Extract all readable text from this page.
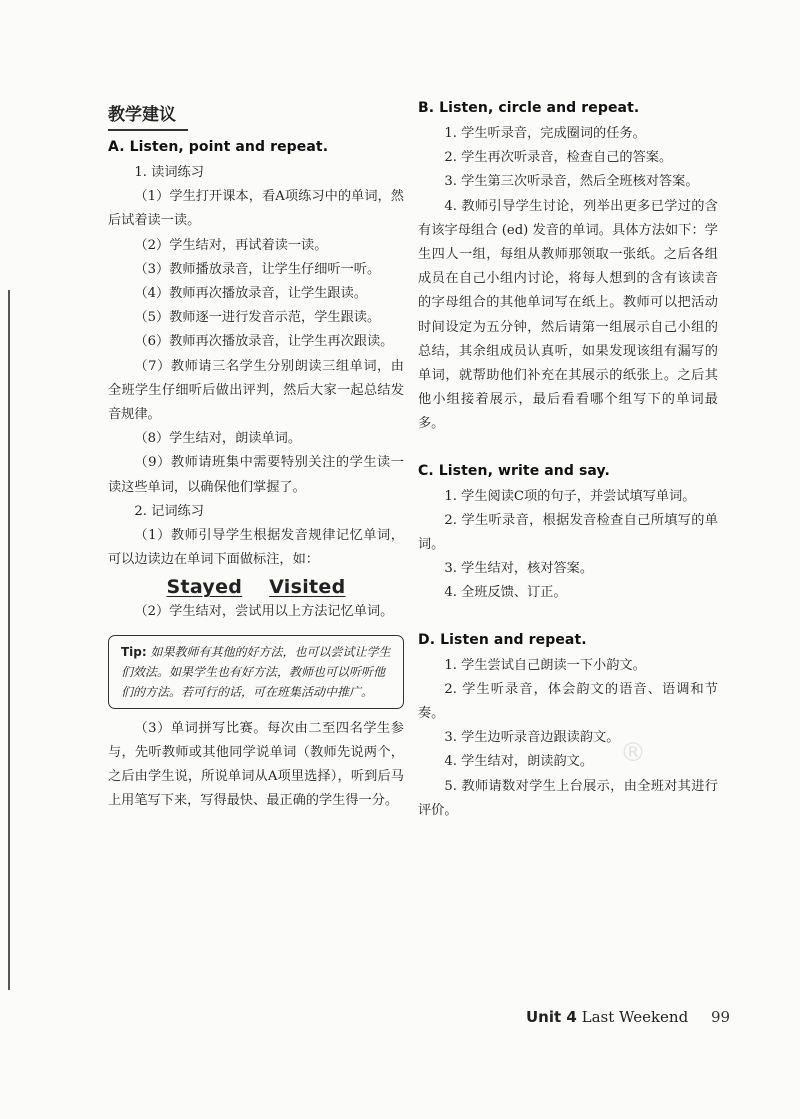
教学建议
A. Listen, point and repeat.

1. 读词练习

（1）学生打开课本，看A项练习中的单词，然后试着读一读。

（2）学生结对，再试着读一读。

（3）教师播放录音，让学生仔细听一听。

（4）教师再次播放录音，让学生跟读。

（5）教师逐一进行发音示范，学生跟读。

（6）教师再次播放录音，让学生再次跟读。

（7）教师请三名学生分别朗读三组单词，由全班学生仔细听后做出评判，然后大家一起总结发音规律。

（8）学生结对，朗读单词。

（9）教师请班集中需要特别关注的学生读一读这些单词，以确保他们掌握了。

2. 记词练习

（1）教师引导学生根据发音规律记忆单词，可以边读边在单词下面做标注，如：

Stayed Visited

（2）学生结对，尝试用以上方法记忆单词。

Tip: 如果教师有其他的好方法，也可以尝试让学生们效法。如果学生也有好方法，教师也可以听听他们的方法。若可行的话，可在班集活动中推广。

（3）单词拼写比赛。每次由二至四名学生参与，先听教师或其他同学说单词（教师先说两个，之后由学生说，所说单词从A项里选择），听到后马上用笔写下来，写得最快、最正确的学生得一分。

B. Listen, circle and repeat.

1. 学生听录音，完成圈词的任务。

2. 学生再次听录音，检查自己的答案。

3. 学生第三次听录音，然后全班核对答案。

4. 教师引导学生讨论，列举出更多已学过的含有该字母组合 (ed) 发音的单词。具体方法如下：学生四人一组，每组从教师那领取一张纸。之后各组成员在自己小组内讨论，将每人想到的含有该读音的字母组合的其他单词写在纸上。教师可以把活动时间设定为五分钟，然后请第一组展示自己小组的总结，其余组成员认真听，如果发现该组有漏写的单词，就帮助他们补充在其展示的纸张上。之后其他小组接着展示，最后看看哪个组写下的单词最多。

C. Listen, write and say.

1. 学生阅读C项的句子，并尝试填写单词。

2. 学生听录音，根据发音检查自己所填写的单词。

3. 学生结对，核对答案。

4. 全班反馈、订正。

D. Listen and repeat.

1. 学生尝试自己朗读一下小韵文。

2. 学生听录音，体会韵文的语音、语调和节奏。

3. 学生边听录音边跟读韵文。

4. 学生结对，朗读韵文。

5. 教师请数对学生上台展示，由全班对其进行评价。

®
Unit 4 Last Weekend 99
